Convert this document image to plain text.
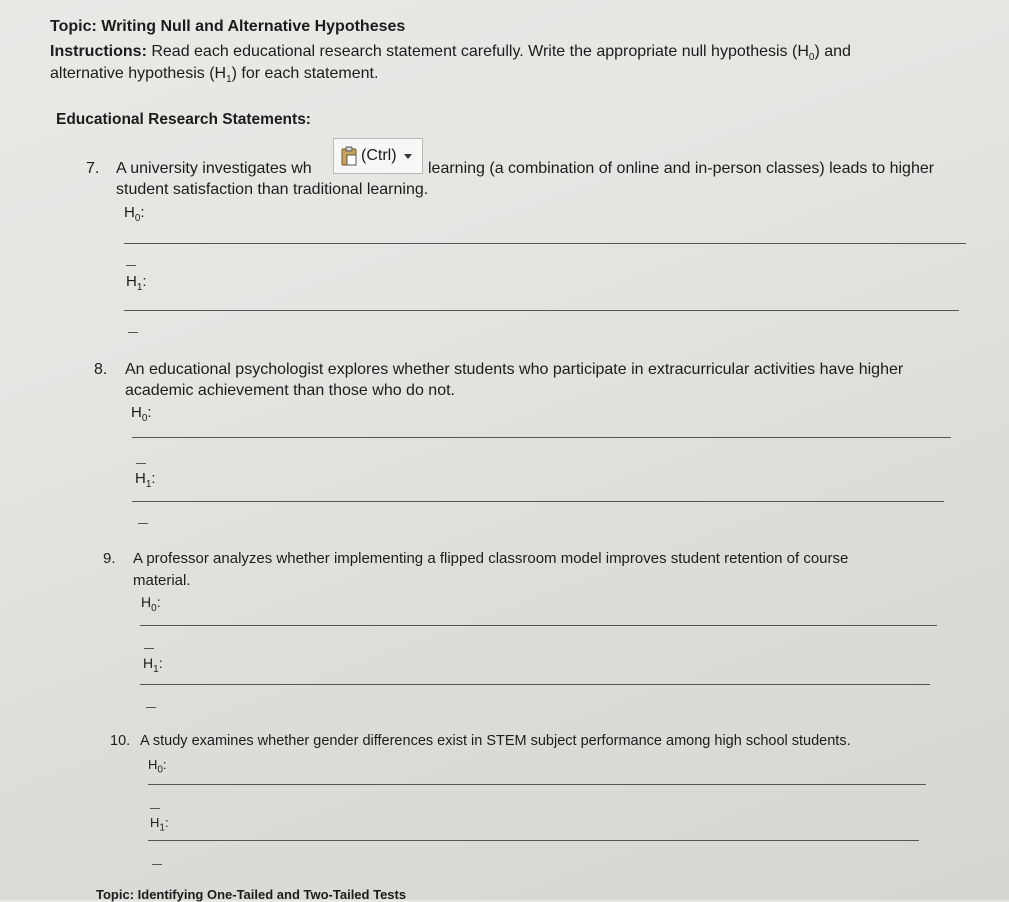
Topic: Writing Null and Alternative Hypotheses
Instructions: Read each educational research statement carefully. Write the appropriate null hypothesis $(H_0)$ and
alternative hypothesis $(H_1)$ for each statement.
Educational Research Statements:
7. A university investigates wh	learning (a combination of online and in-person classes) leads to higher
student satisfaction than traditional learning.
(Ctrl)
$H_0$:
$H_1$:
8. An educational psychologist explores whether students who participate in extracurricular activities have higher
academic achievement than those who do not.
$H_0$:
$H_1$:
9. A professor analyzes whether implementing a flipped classroom model improves student retention of course
material.
$H_0$:
$H_1$:
10. A study examines whether gender differences exist in STEM subject performance among high school students.
$H_0$:
$H_1$:
Topic: Identifying One-Tailed and Two-Tailed Tests
